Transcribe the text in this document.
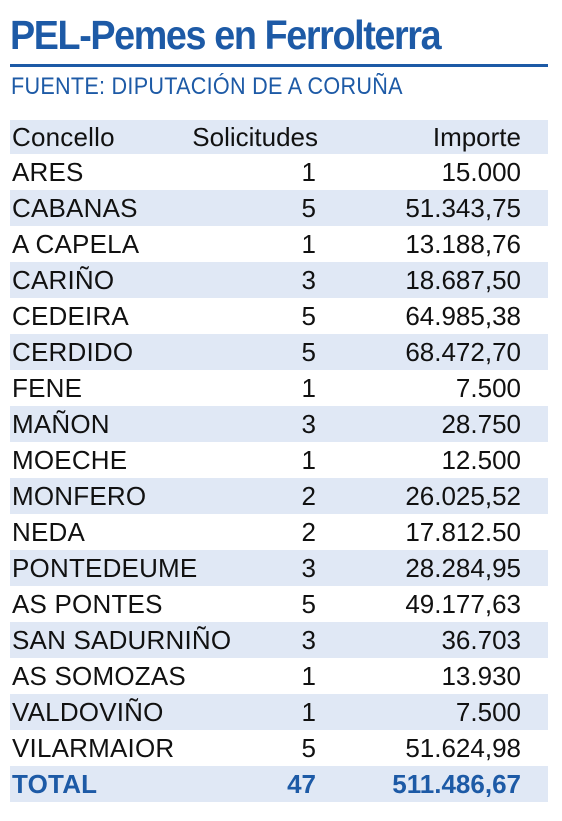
PEL-Pemes en Ferrolterra
FUENTE: DIPUTACIÓN DE A CORUÑA
Concello	Solicitudes	Importe
ARES	1	15.000
CABANAS	5	51.343,75
A CAPELA	1	13.188,76
CARIÑO	3	18.687,50
CEDEIRA	5	64.985,38
CERDIDO	5	68.472,70
FENE	1	7.500
MAÑON	3	28.750
MOECHE	1	12.500
MONFERO	2	26.025,52
NEDA	2	17.812.50
PONTEDEUME	3	28.284,95
AS PONTES	5	49.177,63
SAN SADURNIÑO	3	36.703
AS SOMOZAS	1	13.930
VALDOVIÑO	1	7.500
VILARMAIOR	5	51.624,98
TOTAL	47	511.486,67
